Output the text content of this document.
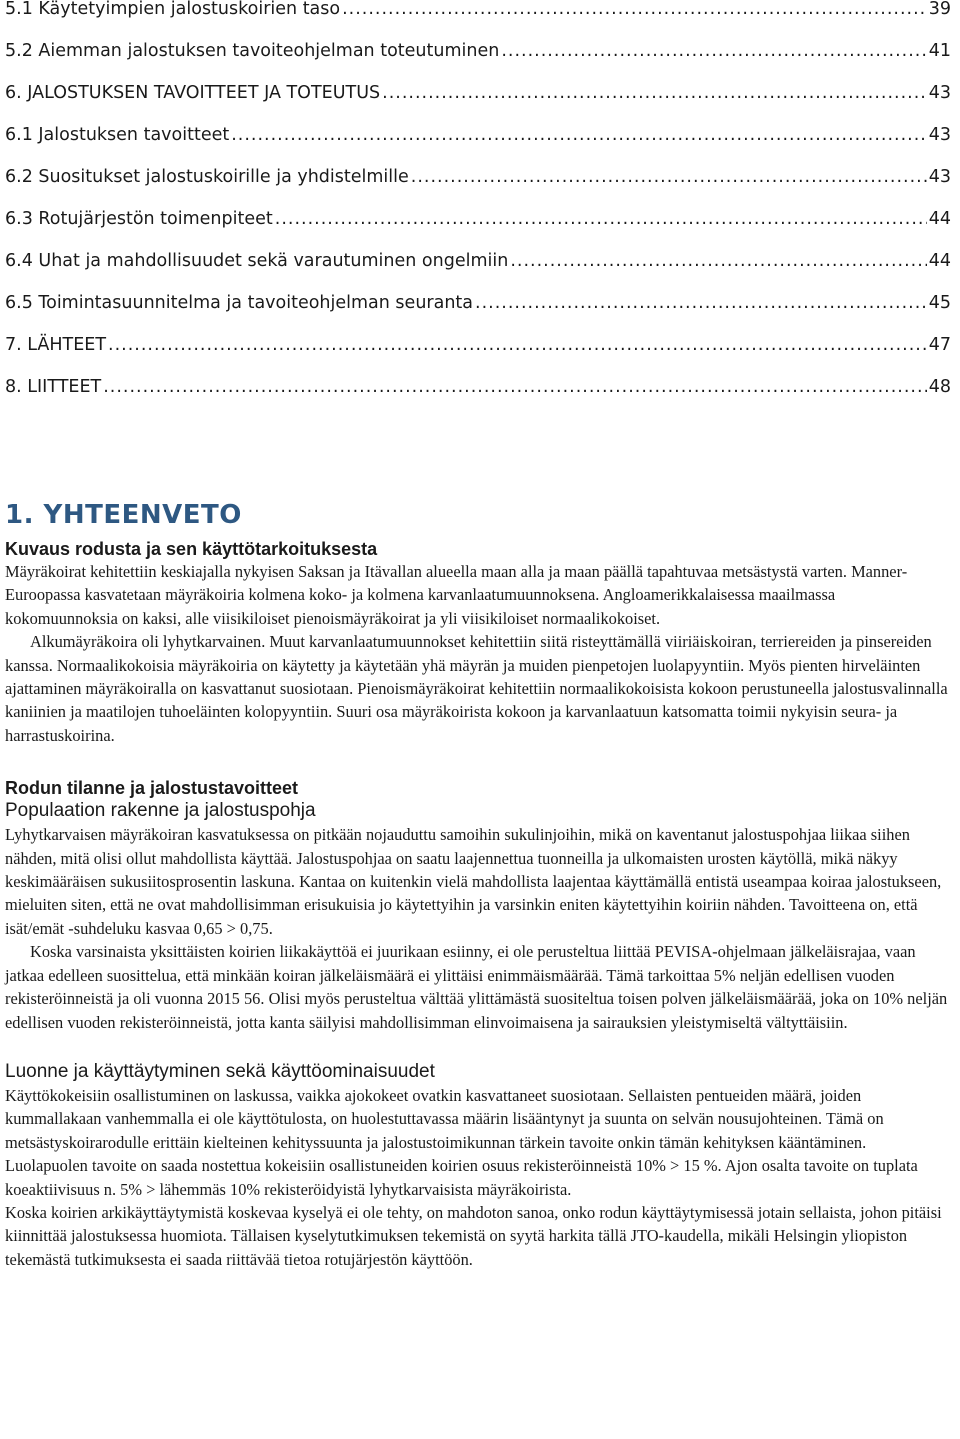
5.1 Käytetyimpien jalostuskoirien taso .....	39
5.2 Aiemman jalostuksen tavoiteohjelman toteutuminen .....	41
6. JALOSTUKSEN TAVOITTEET JA TOTEUTUS .....	43
6.1 Jalostuksen tavoitteet .....	43
6.2 Suositukset jalostuskoirille ja yhdistelmille .....	43
6.3 Rotujärjestön toimenpiteet .....	44
6.4 Uhat ja mahdollisuudet sekä varautuminen ongelmiin .....	44
6.5 Toimintasuunnitelma ja tavoiteohjelman seuranta .....	45
7. LÄHTEET .....	47
8. LIITTEET .....	48
1. YHTEENVETO
Kuvaus rodusta ja sen käyttötarkoituksesta

Mäyräkoirat kehitettiin keskiajalla nykyisen Saksan ja Itävallan alueella maan alla ja maan päällä tapahtuvaa metsästystä varten. Manner-Euroopassa kasvatetaan mäyräkoiria kolmena koko- ja kolmena karvanlaatumuunnoksena. Angloamerikkalaisessa maailmassa kokomuunnoksia on kaksi, alle viisikiloiset pienoismäyräkoirat ja yli viisikiloiset normaalikokoiset.

Alkumäyräkoira oli lyhytkarvainen. Muut karvanlaatumuunnokset kehitettiin siitä risteyttämällä viiriäiskoiran, terriereiden ja pinsereiden kanssa. Normaalikokoisia mäyräkoiria on käytetty ja käytetään yhä mäyrän ja muiden pienpetojen luolapyyntiin. Myös pienten hirveläinten ajattaminen mäyräkoiralla on kasvattanut suosiotaan. Pienoismäyräkoirat kehitettiin normaalikokoisista kokoon perustuneella jalostusvalinnalla kaniinien ja maatilojen tuhoeläinten kolopyyntiin. Suuri osa mäyräkoirista kokoon ja karvanlaatuun katsomatta toimii nykyisin seura- ja harrastuskoirina.

Rodun tilanne ja jalostustavoitteet
Populaation rakenne ja jalostuspohja

Lyhytkarvaisen mäyräkoiran kasvatuksessa on pitkään nojauduttu samoihin sukulinjoihin, mikä on kaventanut jalostuspohjaa liikaa siihen nähden, mitä olisi ollut mahdollista käyttää. Jalostuspohjaa on saatu laajennettua tuonneilla ja ulkomaisten urosten käytöllä, mikä näkyy keskimääräisen sukusiitosprosentin laskuna. Kantaa on kuitenkin vielä mahdollista laajentaa käyttämällä entistä useampaa koiraa jalostukseen, mieluiten siten, että ne ovat mahdollisimman erisukuisia jo käytettyihin ja varsinkin eniten käytettyihin koiriin nähden. Tavoitteena on, että isät/emät -suhdeluku kasvaa 0,65 > 0,75.

Koska varsinaista yksittäisten koirien liikakäyttöä ei juurikaan esiinny, ei ole perusteltua liittää PEVISA-ohjelmaan jälkeläisrajaa, vaan jatkaa edelleen suositteluа, että minkään koiran jälkeläismäärä ei ylittäisi enimmäismäärää. Tämä tarkoittaa 5% neljän edellisen vuoden rekisteröinneistä ja oli vuonna 2015 56. Olisi myös perusteltua välttää ylittämästä suositeltua toisen polven jälkeläismäärää, joka on 10% neljän edellisen vuoden rekisteröinneistä, jotta kanta säilyisi mahdollisimman elinvoimaisena ja sairauksien yleistymiseltä vältyttäisiin.

Luonne ja käyttäytyminen sekä käyttöominaisuudet

Käyttökokeisiin osallistuminen on laskussa, vaikka ajokokeet ovatkin kasvattaneet suosiotaan. Sellaisten pentueiden määrä, joiden kummallakaan vanhemmalla ei ole käyttötulosta, on huolestuttavassa määrin lisääntynyt ja suunta on selvän nousujohteinen. Tämä on metsästyskoirarodulle erittäin kielteinen kehityssuunta ja jalostustoimikunnan tärkein tavoite onkin tämän kehityksen kääntäminen. Luolapuolen tavoite on saada nostettua kokeisiin osallistuneiden koirien osuus rekisteröinneistä 10% > 15 %. Ajon osalta tavoite on tuplata koeaktiivisuus n. 5% > lähemmäs 10% rekisteröidyistä lyhytkarvaisista mäyräkoirista.

Koska koirien arkikäyttäytymistä koskevaa kyselyä ei ole tehty, on mahdoton sanoa, onko rodun käyttäytymisessä jotain sellaista, johon pitäisi kiinnittää jalostuksessa huomiota. Tällaisen kyselytutkimuksen tekemistä on syytä harkita tällä JTO-kaudella, mikäli Helsingin yliopiston tekemästä tutkimuksesta ei saada riittävää tietoa rotujärjestön käyttöön.
